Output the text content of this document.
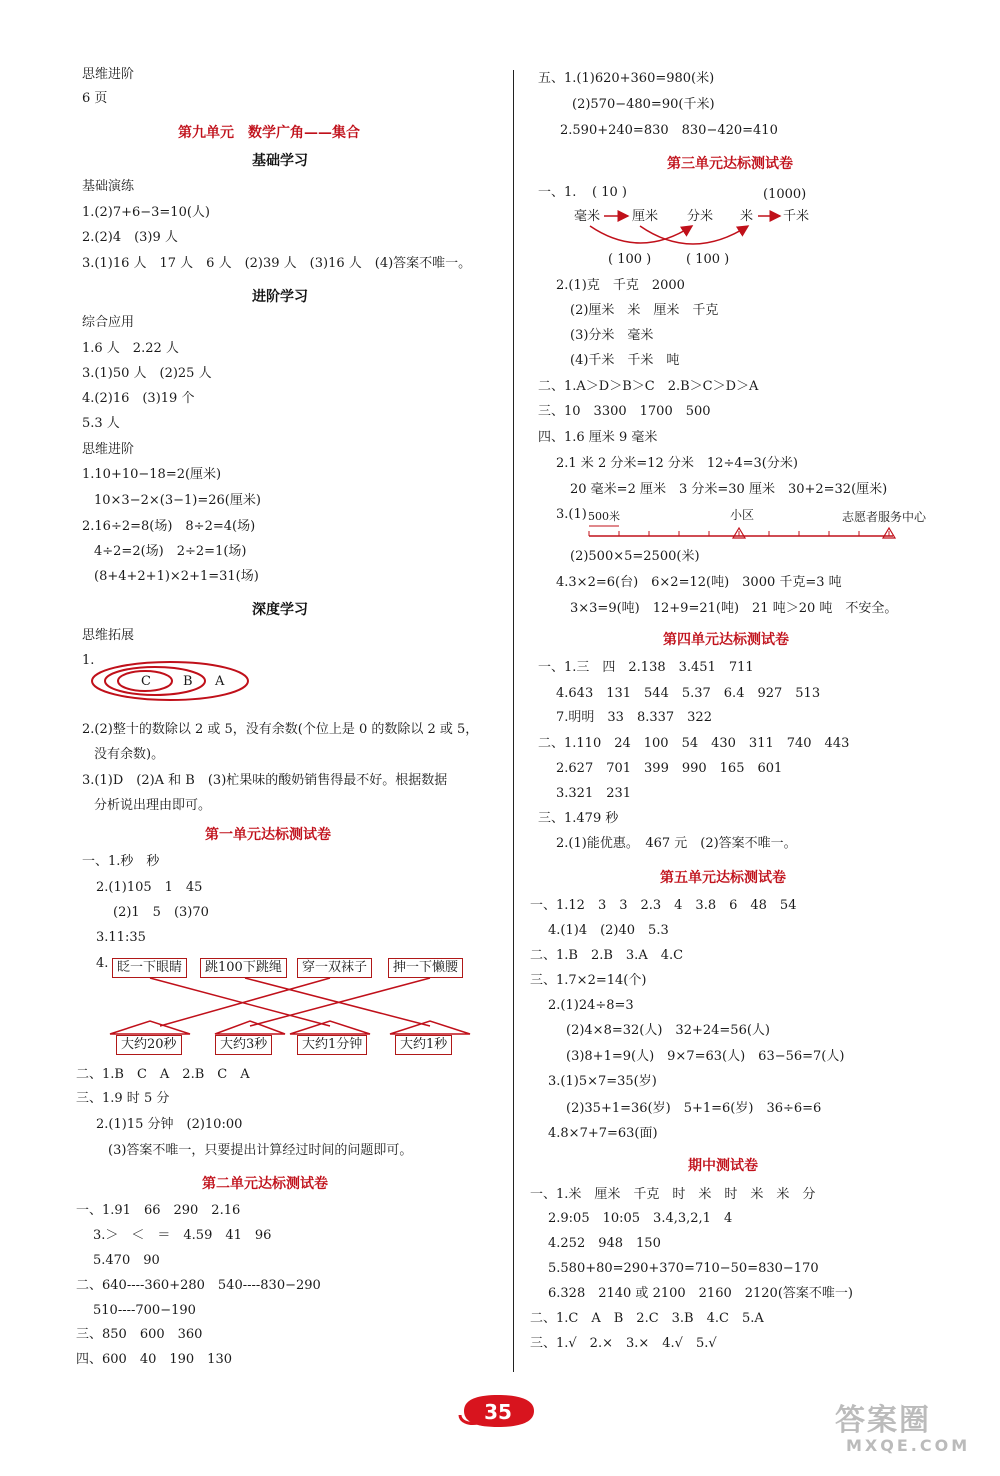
思维进阶
6 页
第九单元　数学广角——集合
基础学习
基础演练
1.(2)7+6−3=10(人)
2.(2)4　(3)9 人
3.(1)16 人　17 人　6 人　(2)39 人　(3)16 人　(4)答案不唯一。
进阶学习
综合应用
1.6 人　2.22 人
3.(1)50 人　(2)25 人
4.(2)16　(3)19 个
5.3 人
思维进阶
1.10+10−18=2(厘米)
10×3−2×(3−1)=26(厘米)
2.16÷2=8(场)　8÷2=4(场)
4÷2=2(场)　2÷2=1(场)
(8+4+2+1)×2+1=31(场)
深度学习
思维拓展
1.
C B A
2.(2)整十的数除以 2 或 5，没有余数(个位上是 0 的数除以 2 或 5，
没有余数)。
3.(1)D　(2)A 和 B　(3)杧果味的酸奶销售得最不好。根据数据
分析说出理由即可。
第一单元达标测试卷
一、1.秒　秒
2.(1)105　1　45
(2)1　5　(3)70
3.11:35
4. 眨一下眼睛	跳100下跳绳	穿一双袜子	抻一下懒腰
大约20秒	大约3秒	大约1分钟	大约1秒
二、1.B　C　A　2.B　C　A
三、1.9 时 5 分
2.(1)15 分钟　(2)10:00
(3)答案不唯一，只要提出计算经过时间的问题即可。
第二单元达标测试卷
一、1.91　66　290　2.16
3.＞　＜　＝　4.59　41　96
5.470　90
二、640----360+280　540----830−290
510----700−190
三、850　600　360
四、600　40　190　130
五、1.(1)620+360=980(米)
(2)570−480=90(千米)
2.590+240=830　830−420=410
第三单元达标测试卷
一、1. ( 10 )	(1000)
毫米 厘米 分米 米 千米
( 100 )	( 100 )
2.(1)克　千克　2000
(2)厘米　米　厘米　千克
(3)分米　毫米
(4)千米　千米　吨
二、1.A＞D＞B＞C　2.B＞C＞D＞A
三、10　3300　1700　500
四、1.6 厘米 9 毫米
2.1 米 2 分米=12 分米　12÷4=3(分米)
20 毫米=2 厘米　3 分米=30 厘米　30+2=32(厘米)
3.(1) 500米	小区	志愿者服务中心
(2)500×5=2500(米)
4.3×2=6(台)　6×2=12(吨)　3000 千克=3 吨
3×3=9(吨)　12+9=21(吨)　21 吨＞20 吨　不安全。
第四单元达标测试卷
一、1.三　四　2.138　3.451　711
4.643　131　544　5.37　6.4　927　513
7.明明　33　8.337　322
二、1.110　24　100　54　430　311　740　443
2.627　701　399　990　165　601
3.321　231
三、1.479 秒
2.(1)能优惠。　467 元　(2)答案不唯一。
第五单元达标测试卷
一、1.12　3　3　2.3　4　3.8　6　48　54
4.(1)4　(2)40　5.3
二、1.B　2.B　3.A　4.C
三、1.7×2=14(个)
2.(1)24÷8=3
(2)4×8=32(人)　32+24=56(人)
(3)8+1=9(人)　9×7=63(人)　63−56=7(人)
3.(1)5×7=35(岁)
(2)35+1=36(岁)　5+1=6(岁)　36÷6=6
4.8×7+7=63(面)
期中测试卷
一、1.米　厘米　千克　时　米　时　米　米　分
2.9:05　10:05　3.4,3,2,1　4
4.252　948　150
5.580+80=290+370=710−50=830−170
6.328　2140 或 2100　2160　2120(答案不唯一)
二、1.C　A　B　2.C　3.B　4.C　5.A
三、1.√　2.×　3.×　4.√　5.√
35	答案圈
MXQE.COM
